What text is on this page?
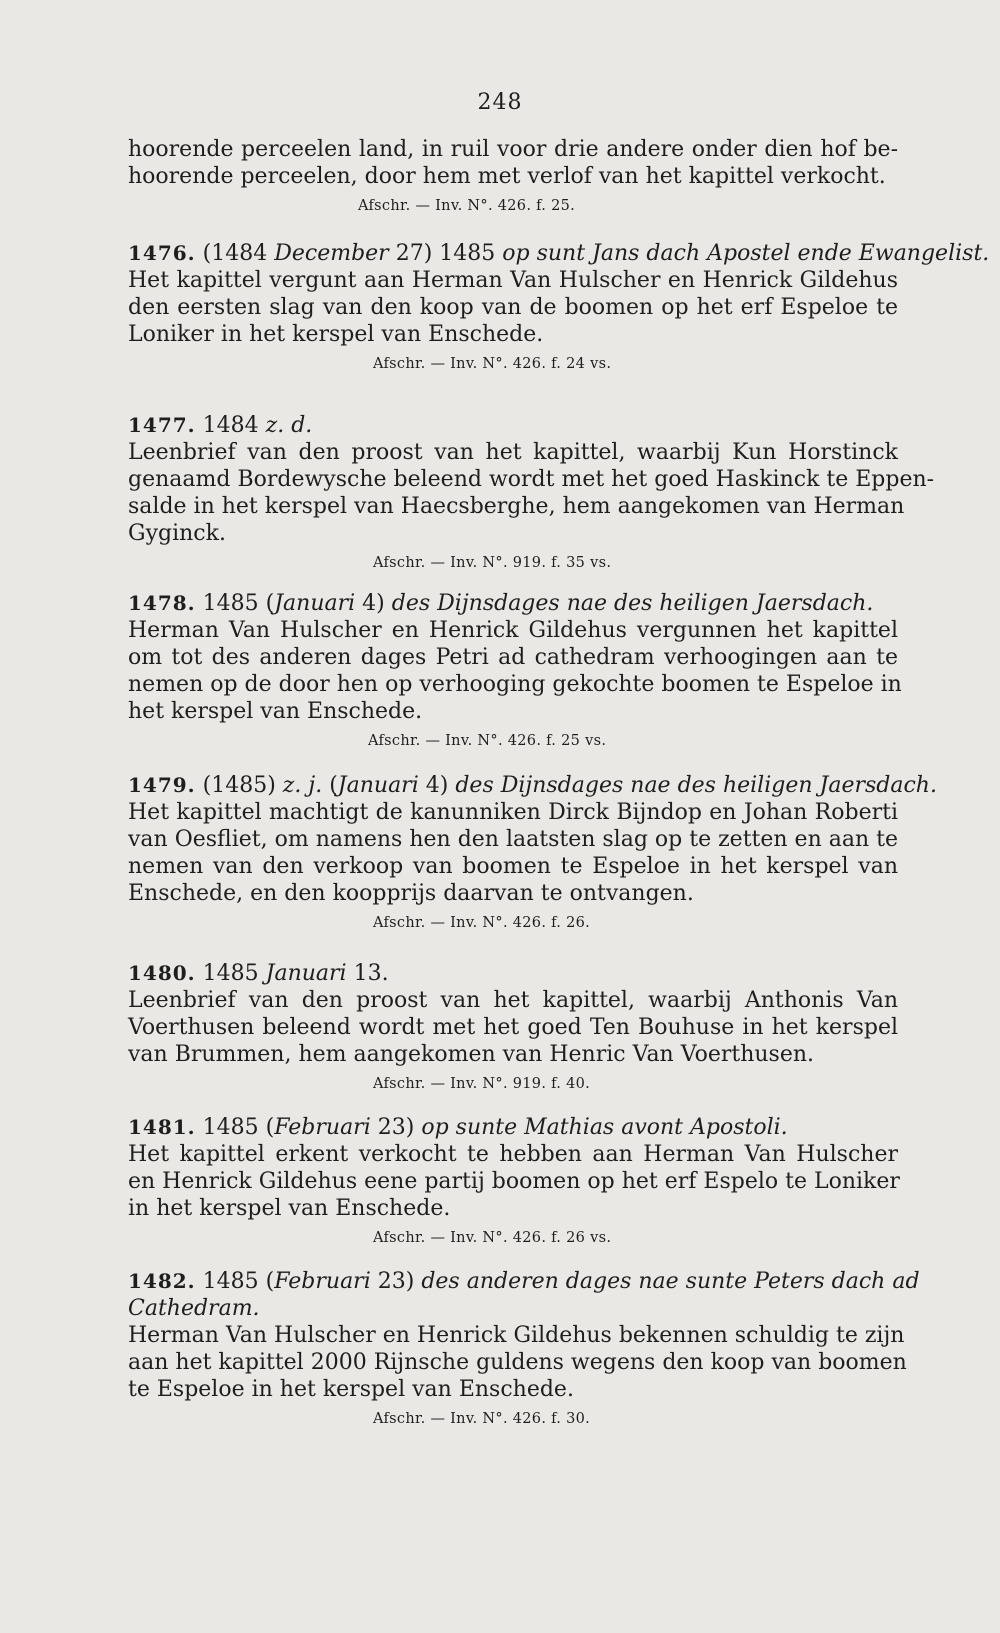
248
hoorende perceelen land, in ruil voor drie andere onder dien hof be-
hoorende perceelen, door hem met verlof van het kapittel verkocht.
Afschr. — Inv. N°. 426. f. 25.
1476. (1484 December 27) 1485 op sunt Jans dach Apostel ende Ewangelist.
Het kapittel vergunt aan Herman Van Hulscher en Henrick Gildehus
den eersten slag van den koop van de boomen op het erf Espeloe te
Loniker in het kerspel van Enschede.
Afschr. — Inv. N°. 426. f. 24 vs.
1477. 1484 z. d.
Leenbrief van den proost van het kapittel, waarbij Kun Horstinck
genaamd Bordewysche beleend wordt met het goed Haskinck te Eppen-
salde in het kerspel van Haecsberghe, hem aangekomen van Herman
Gyginck.
Afschr. — Inv. N°. 919. f. 35 vs.
1478. 1485 (Januari 4) des Dijnsdages nae des heiligen Jaersdach.
Herman Van Hulscher en Henrick Gildehus vergunnen het kapittel
om tot des anderen dages Petri ad cathedram verhoogingen aan te
nemen op de door hen op verhooging gekochte boomen te Espeloe in
het kerspel van Enschede.
Afschr. — Inv. N°. 426. f. 25 vs.
1479. (1485) z. j. (Januari 4) des Dijnsdages nae des heiligen Jaersdach.
Het kapittel machtigt de kanunniken Dirck Bijndop en Johan Roberti
van Oesfliet, om namens hen den laatsten slag op te zetten en aan te
nemen van den verkoop van boomen te Espeloe in het kerspel van
Enschede, en den koopprijs daarvan te ontvangen.
Afschr. — Inv. N°. 426. f. 26.
1480. 1485 Januari 13.
Leenbrief van den proost van het kapittel, waarbij Anthonis Van
Voerthusen beleend wordt met het goed Ten Bouhuse in het kerspel
van Brummen, hem aangekomen van Henric Van Voerthusen.
Afschr. — Inv. N°. 919. f. 40.
1481. 1485 (Februari 23) op sunte Mathias avont Apostoli.
Het kapittel erkent verkocht te hebben aan Herman Van Hulscher
en Henrick Gildehus eene partij boomen op het erf Espelo te Loniker
in het kerspel van Enschede.
Afschr. — Inv. N°. 426. f. 26 vs.
1482. 1485 (Februari 23) des anderen dages nae sunte Peters dach ad
Cathedram.
Herman Van Hulscher en Henrick Gildehus bekennen schuldig te zijn
aan het kapittel 2000 Rijnsche guldens wegens den koop van boomen
te Espeloe in het kerspel van Enschede.
Afschr. — Inv. N°. 426. f. 30.
